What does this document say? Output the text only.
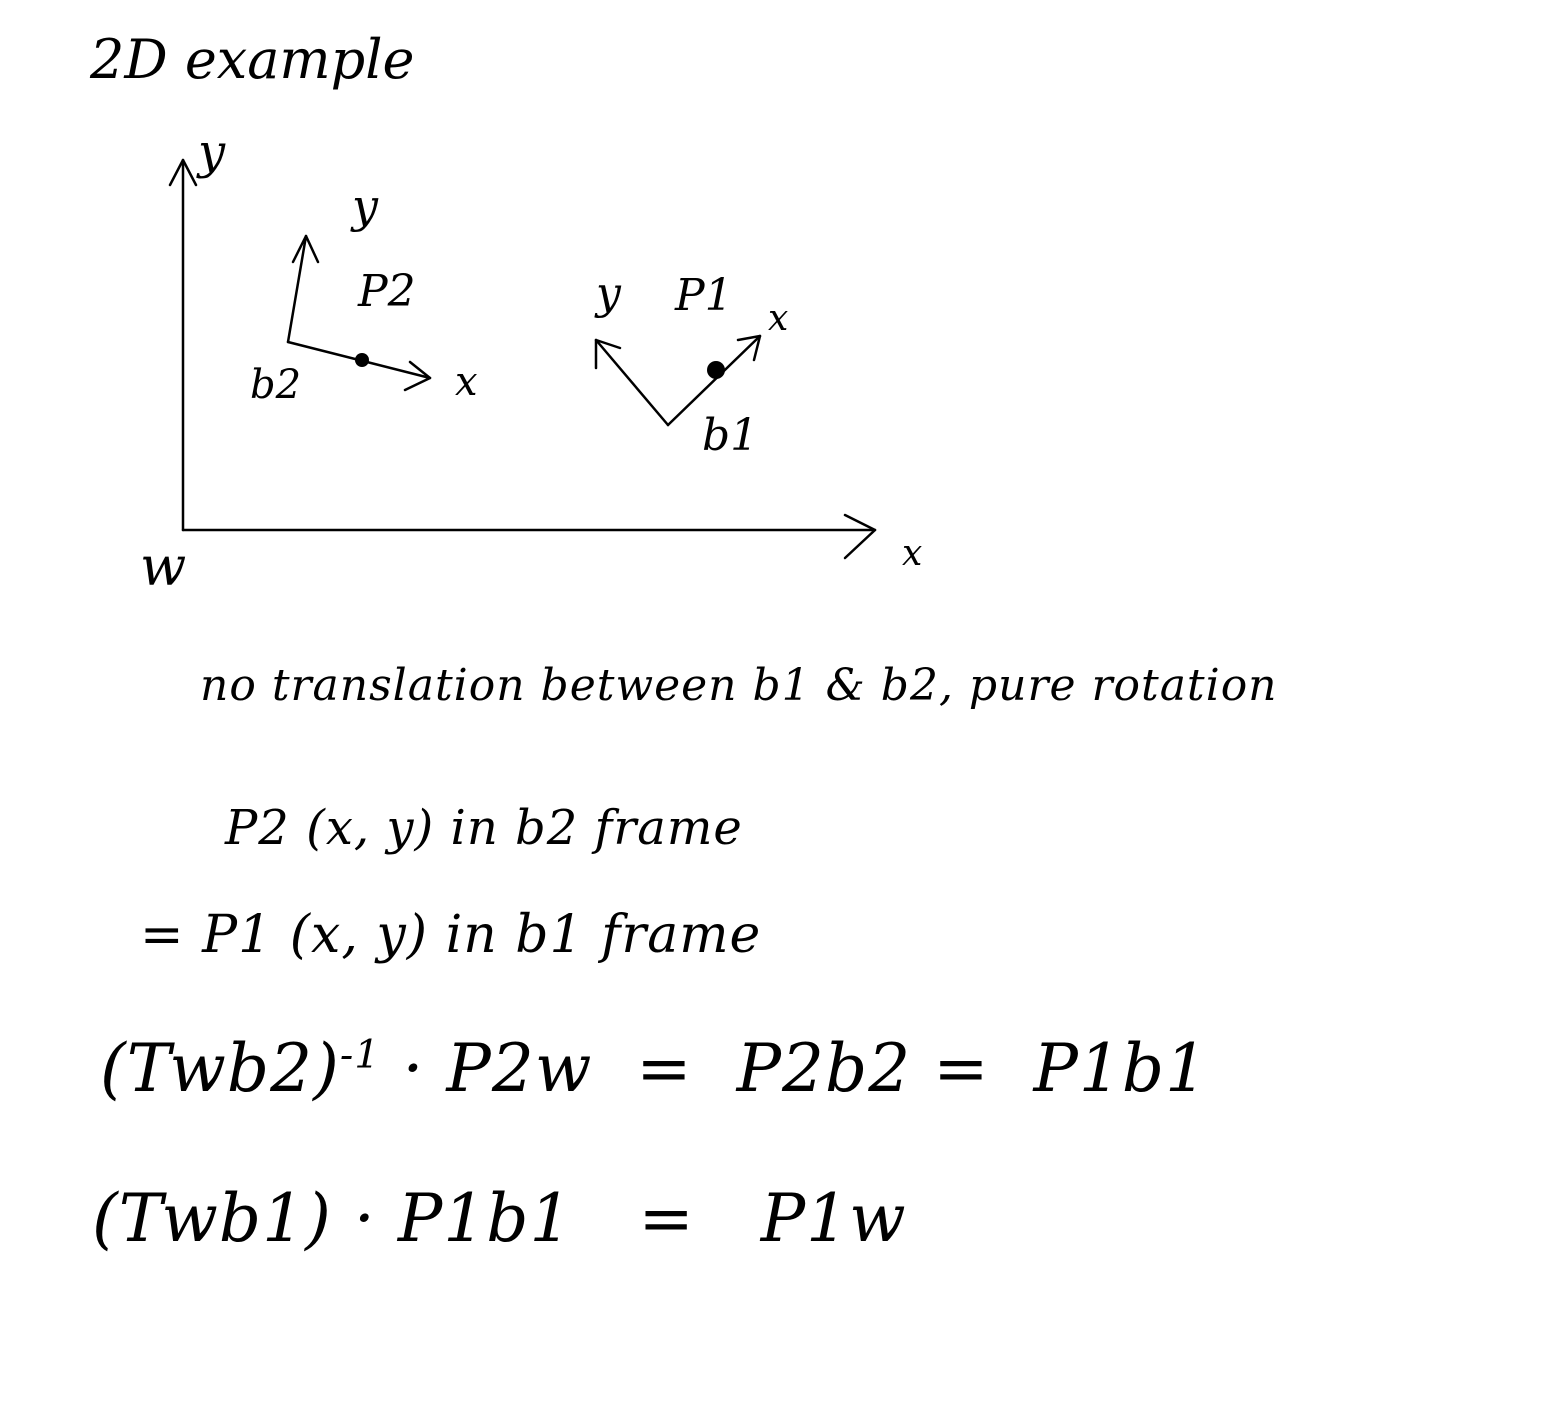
2D example
y
x
w
y
P2
x
b2
y P1 x
b1
no translation between b1 & b2, pure rotation
P2 (x, y) in b2 frame
= P1 (x, y) in b1 frame
$(Twb2)^{-1} \cdot P2w = P2b2 = P1b1$
(Twb1) · P1b1 = P1w
